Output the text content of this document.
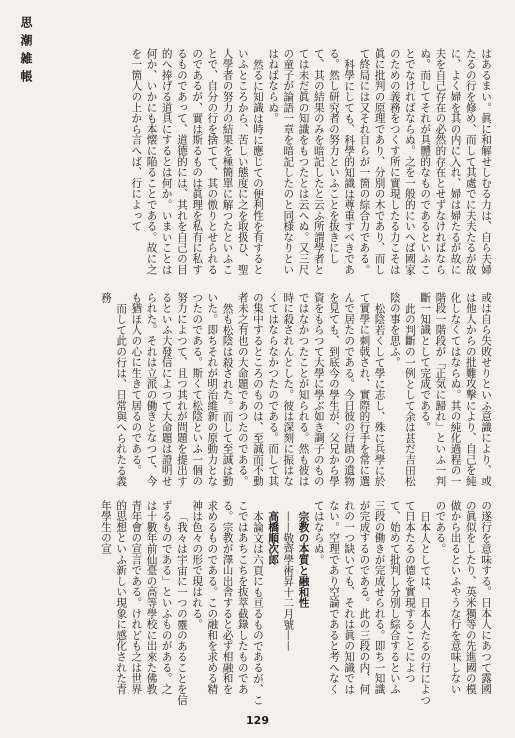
思潮雑帳	はあるまい。眞に和解せしむる力は、自ら夫婦たるの行を修め、而して其處でに夫夫たるが故に、よく婦を其の内に入れ、婦は婦たるが故に夫を自己存在の必然的存在とせずなければならぬ。而してそれが具體的なものであるといふことでなければならぬ。之を一般的にいへば國家のための義務をつくす所に實現したる力こそは眞に批判の原理であり、分別の木であり、而して終局には又それ自らが一箇の綜合力である。

科學にしても、科學的知識は尊重すべきである。然し研究者の努力といふことを抜きにして、其の結果のみを暗記したと云ふ所謂學者とては未だ眞の知識をもつたとは云へぬ。又三尺の童子が論語一章を暗記したのと同様なりといはねばならぬ。

然るに知識は時に應じての便利性を有するといふところから、苦しい態度に之を取扱ひ、聖人學者の努力の結果を極簡單に解つたといふことで、自分の行を捨てて、其の傲りとせられるのであるが、實は斯るものは眞理を私有に私するものであって、道德的には、其れを自己の目的へ捧げる道具にするとは何か。いまいことは何か、いかにも本懐に陥ることである。故に之を一箇人の上から言へば、行によって

或は自ら失敗せりといふ意識により、或は他人からの批難攻撃により、自己を純化しなくてはならぬ。其の純化過程の一階段一階段が「正気に歸れ」といふ一判斷一知識として完成である。

此の判斷の一例として余は甚だ吉田松陰の事を思ふ。

松陰若くして學に志し、殊に兵學に於て實學に刺戟され、實際的行手を常に選んで居たのである。今日彼の行蹟の遺物を見ても、到底今の學生が、父兄から學資をもらつて大學に學ぶ如き調子のものではなかつたことが知られる。然も彼は時に殺されんとした。彼は深刻に振はなくてはならなかつたのである。而して其の集中するところのものは、至誠而不動者未之有也の大命題であつたのである。

然も松陰は殺された。而して至誠は動いた。即ちそれが明治維新の原動力となつたのである。斯くて松陰といふ一個の努力によつて、且つ其れが問題を提出するといふ大發信によつて大命題は證明せられた。それは立派の働きとなつて、今も猶ほ人の心に生きて居るのである。

而して此の行は、日常與へられたる義務

の遂行を意味する。日本人にあつて露國の眞似をしたり、英米獨等の先進國の模做から出るといふやうな行を意味しないのである。

日本人としては、日本人たるの行によつて日本たるの德を實現することによつて、始めて批判し分別し綜合するといふ三段の働きが完成せられる。即ち一知識が完成するのである。此の三段の内、何れの一つ缺いても、それは眞の知識ではない。空理であり空論であると考へなくてはならぬ。

宗教の本質と融和性

——敬齊學術昇十二月號——

高橋順次郎

本論文は六頁にも亘るものであるが、ここではあちこちを抜萃截錄したものである。宗教が澤山出舎すると必ず相融和を求めるものである。この融和を求める精神は色々の形で現はれる。

「我々は宇宙に一つの靈のあることを信ずるものである」といふものがある。之は十數年前仙臺の高等學校に出來た佛教青年會の宣言である。けれども之は世界的思想といふ新しい現象に感化された青年學生の宣

129
